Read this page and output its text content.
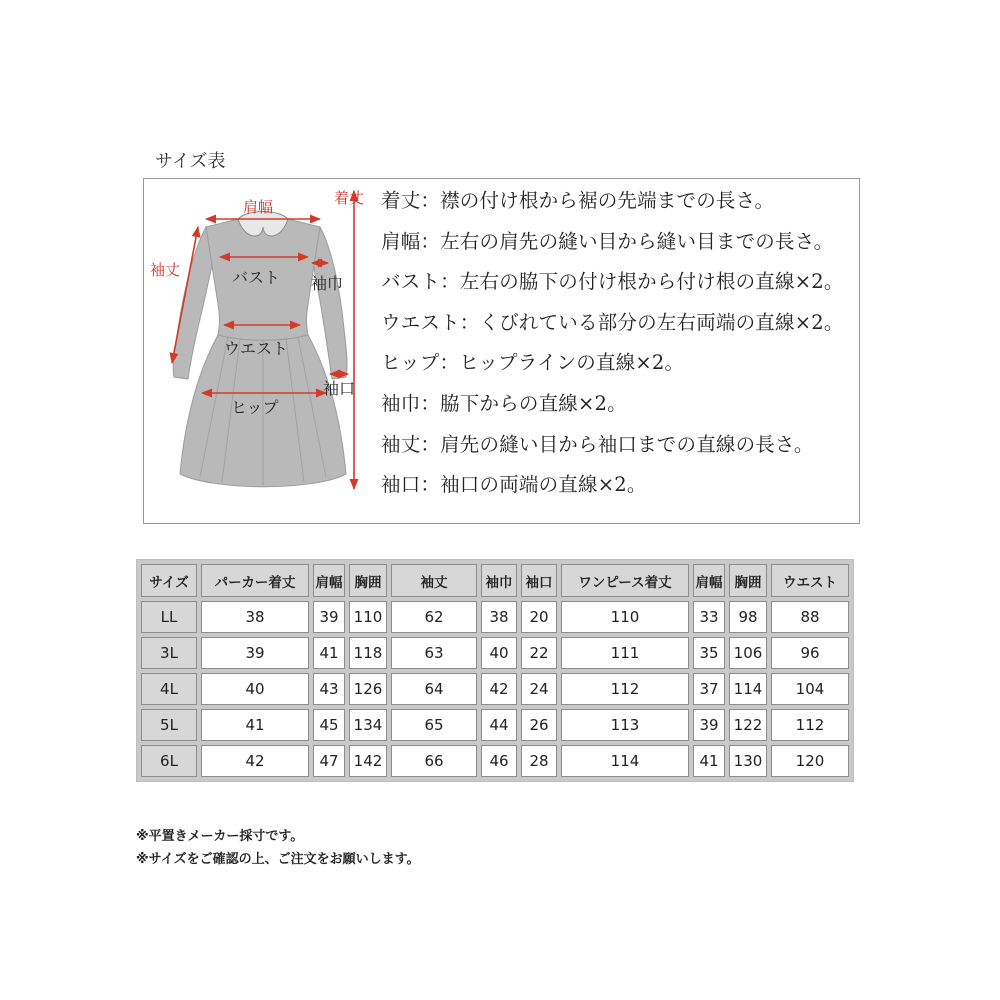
サイズ表
着丈
肩幅
袖丈	バスト 袖巾
ウエスト
袖口
ヒップ
着丈：襟の付け根から裾の先端までの長さ。
肩幅：左右の肩先の縫い目から縫い目までの長さ。
バスト：左右の脇下の付け根から付け根の直線×2。
ウエスト：くびれている部分の左右両端の直線×2。
ヒップ：ヒップラインの直線×2。
袖巾：脇下からの直線×2。
袖丈：肩先の縫い目から袖口までの直線の長さ。
袖口：袖口の両端の直線×2。
サイズ	パーカー着丈	肩幅	胸囲	袖丈	袖巾	袖口	ワンピース着丈	肩幅	胸囲	ウエスト
LL	38	39	110	62	38	20	110	33	98	88
3L	39	41	118	63	40	22	111	35	106	96
4L	40	43	126	64	42	24	112	37	114	104
5L	41	45	134	65	44	26	113	39	122	112
6L	42	47	142	66	46	28	114	41	130	120
※平置きメーカー採寸です。
※サイズをご確認の上、ご注文をお願いします。
